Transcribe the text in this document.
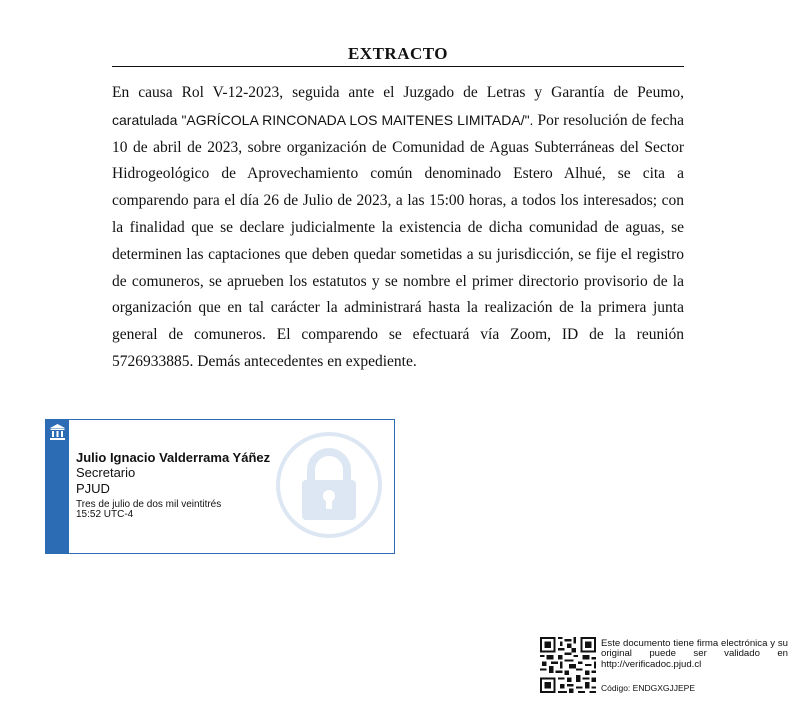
EXTRACTO
En causa Rol V-12-2023, seguida ante el Juzgado de Letras y Garantía de Peumo, caratulada "AGRÍCOLA RINCONADA LOS MAITENES LIMITADA/". Por resolución de fecha 10 de abril de 2023, sobre organización de Comunidad de Aguas Subterráneas del Sector Hidrogeológico de Aprovechamiento común denominado Estero Alhué, se cita a comparendo para el día 26 de Julio de 2023, a las 15:00 horas, a todos los interesados; con la finalidad que se declare judicialmente la existencia de dicha comunidad de aguas, se determinen las captaciones que deben quedar sometidas a su jurisdicción, se fije el registro de comuneros, se aprueben los estatutos y se nombre el primer directorio provisorio de la organización que en tal carácter la administrará hasta la realización de la primera junta general de comuneros. El comparendo se efectuará vía Zoom, ID de la reunión 5726933885. Demás antecedentes en expediente.
Julio Ignacio Valderrama Yáñez
Secretario
PJUD
Tres de julio de dos mil veintitrés
15:52 UTC-4
Este documento tiene firma electrónica y su original puede ser validado en http://verificadoc.pjud.cl
Código: ENDGXGJJEPE
